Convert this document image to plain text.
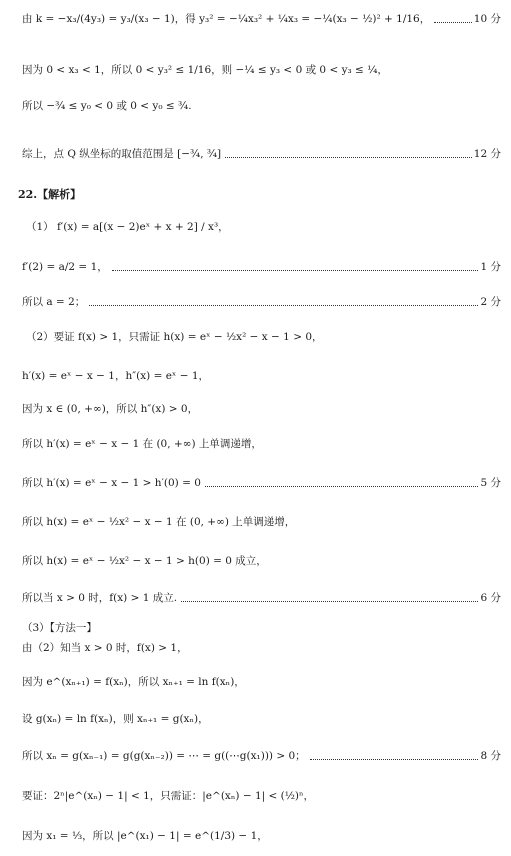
由 k = −x₃/(4y₃) = y₃/(x₃ − 1)，得 y₃² = −¼x₃² + ¼x₃ = −¼(x₃ − ½)² + 1/16，	10 分
因为 0 < x₃ < 1，所以 0 < y₃² ≤ 1/16，则 −¼ ≤ y₃ < 0 或 0 < y₃ ≤ ¼，
所以 −¾ ≤ y₀ < 0 或 0 < y₀ ≤ ¾.
综上，点 Q 纵坐标的取值范围是 [−¾, ¾]	12 分
22.【解析】
（1） f′(x) = a[(x − 2)eˣ + x + 2] / x³，
f′(2) = a/2 = 1，	1 分
所以 a = 2；	2 分
（2）要证 f(x) > 1，只需证 h(x) = eˣ − ½x² − x − 1 > 0，
h′(x) = eˣ − x − 1，h″(x) = eˣ − 1，
因为 x ∈ (0, +∞)，所以 h″(x) > 0，
所以 h′(x) = eˣ − x − 1 在 (0, +∞) 上单调递增，
所以 h′(x) = eˣ − x − 1 > h′(0) = 0	5 分
所以 h(x) = eˣ − ½x² − x − 1 在 (0, +∞) 上单调递增，
所以 h(x) = eˣ − ½x² − x − 1 > h(0) = 0 成立，
所以当 x > 0 时，f(x) > 1 成立.	6 分
（3）【方法一】
由（2）知当 x > 0 时，f(x) > 1，
因为 e^(xₙ₊₁) = f(xₙ)，所以 xₙ₊₁ = ln f(xₙ)，
设 g(xₙ) = ln f(xₙ)，则 xₙ₊₁ = g(xₙ)，
所以 xₙ = g(xₙ₋₁) = g(g(xₙ₋₂)) = ⋯ = g((⋯g(x₁))) > 0；	8 分
要证：2ⁿ|e^(xₙ) − 1| < 1，只需证：|e^(xₙ) − 1| < (½)ⁿ，
因为 x₁ = ⅓，所以 |e^(x₁) − 1| = e^(1/3) − 1，
